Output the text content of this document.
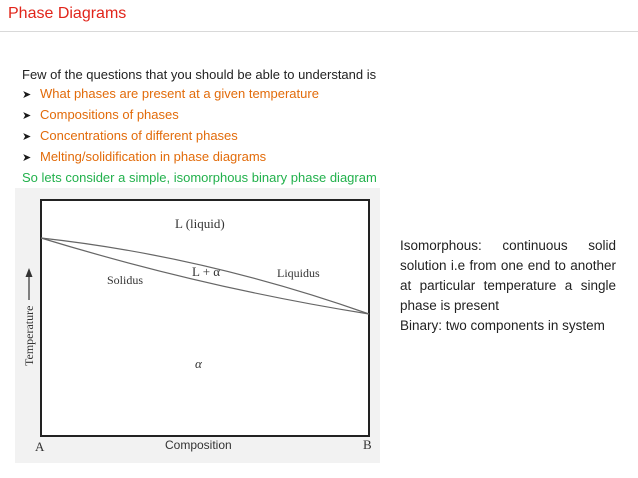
Phase Diagrams
Few of the questions that you should be able to understand is
➤ What phases are present at a given temperature
➤ Compositions of phases
➤ Concentrations of different phases
➤ Melting/solidification in phase diagrams
So lets consider a simple, isomorphous binary phase diagram
L (liquid)
L + α
α
Solidus	Liquidus
Temperature
A	Composition	B

Isomorphous: continuous solid solution i.e from one end to another at particular temperature a single phase is present

Binary: two components in system
